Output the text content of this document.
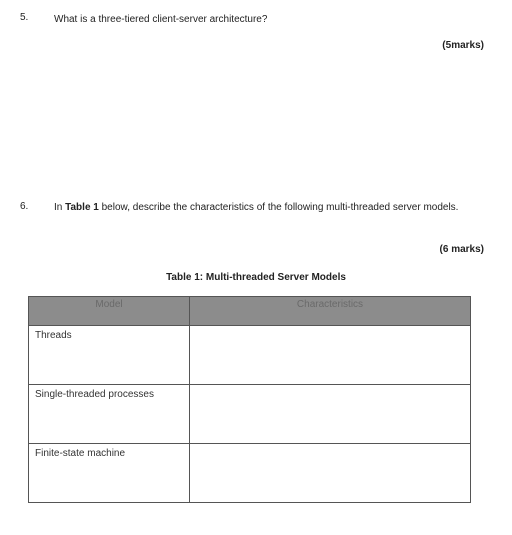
5.	What is a three-tiered client-server architecture?
(5marks)
6.	In Table 1 below, describe the characteristics of the following multi-threaded server models.
(6 marks)
Table 1: Multi-threaded Server Models
Model	Characteristics
Threads	
Single-threaded processes	
Finite-state machine	
